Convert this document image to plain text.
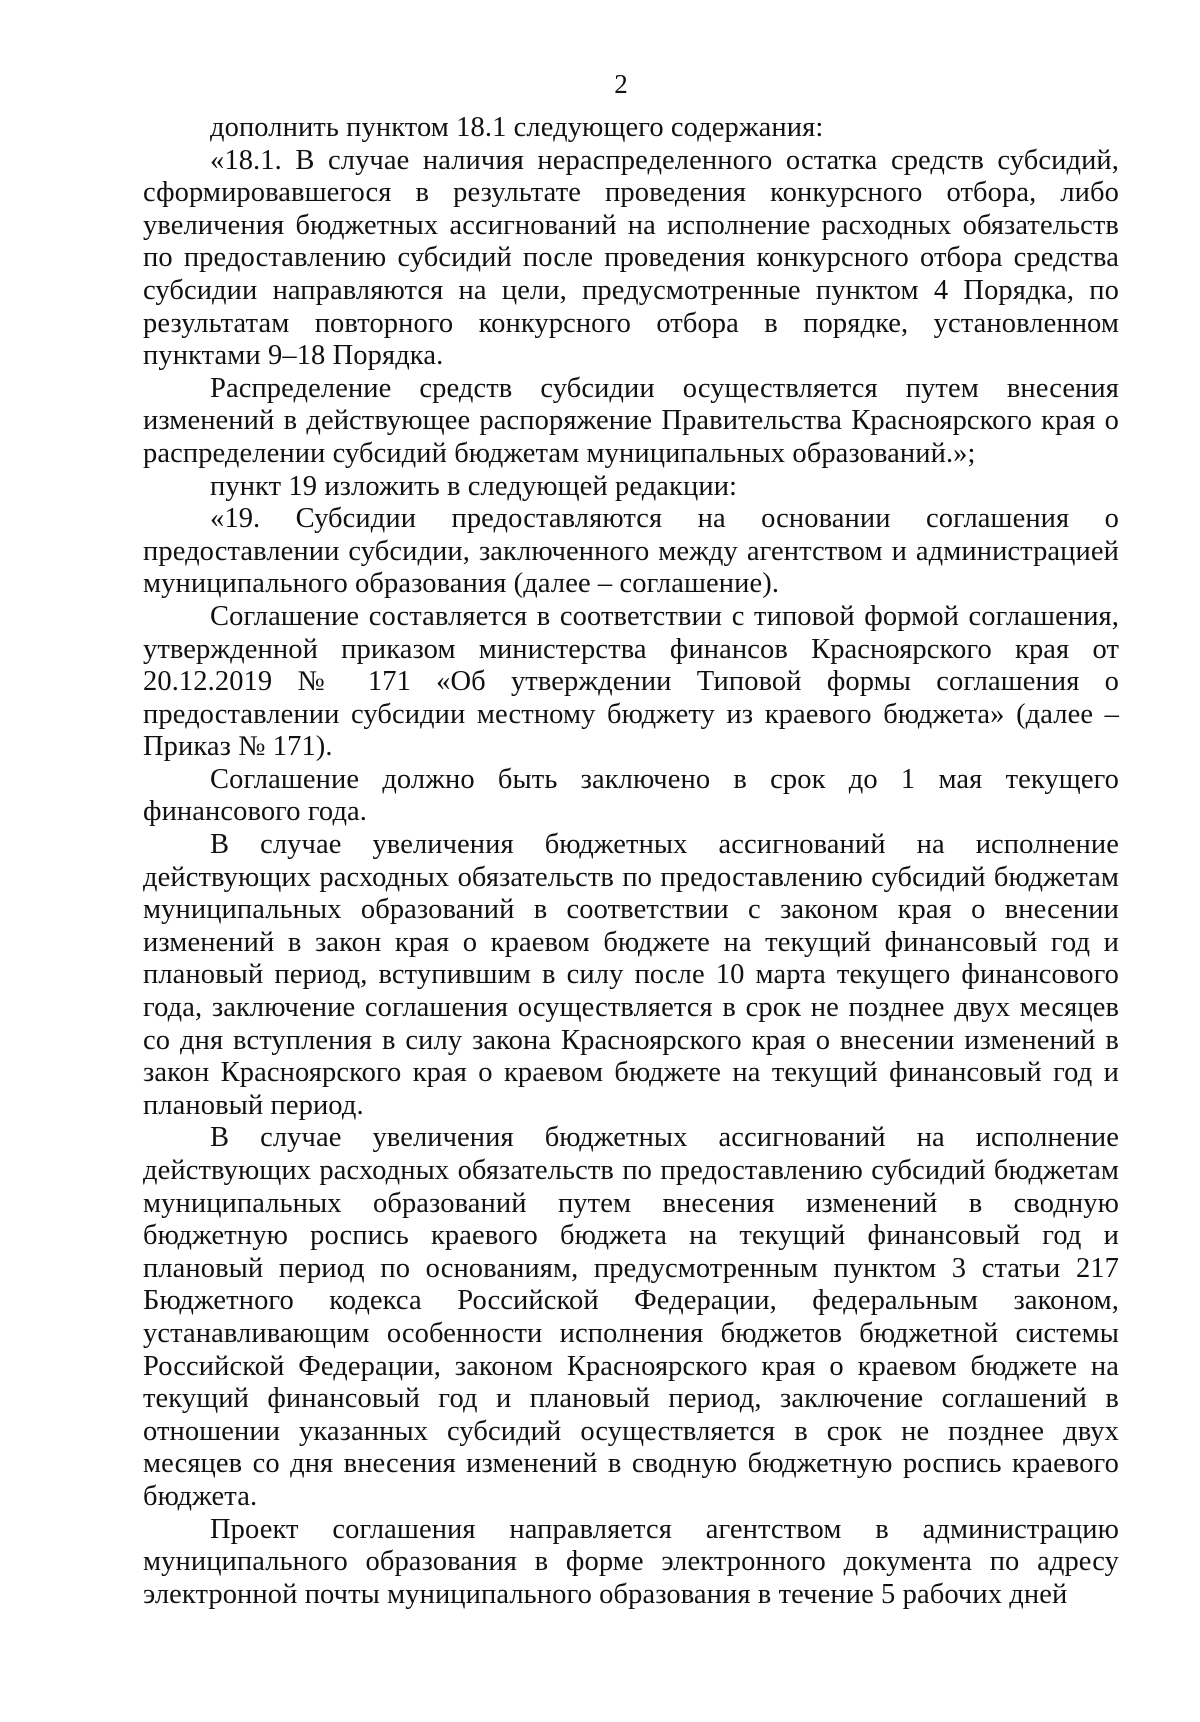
2

дополнить пунктом 18.1 следующего содержания:

«18.1. В случае наличия нераспределенного остатка средств субсидий, сформировавшегося в результате проведения конкурсного отбора, либо увеличения бюджетных ассигнований на исполнение расходных обязательств по предоставлению субсидий после проведения конкурсного отбора средства субсидии направляются на цели, предусмотренные пунктом 4 Порядка, по результатам повторного конкурсного отбора в порядке, установленном пунктами 9–18 Порядка.

Распределение средств субсидии осуществляется путем внесения изменений в действующее распоряжение Правительства Красноярского края о распределении субсидий бюджетам муниципальных образований.»;

пункт 19 изложить в следующей редакции:

«19. Субсидии предоставляются на основании соглашения о предоставлении субсидии, заключенного между агентством и администрацией муниципального образования (далее – соглашение).

Соглашение составляется в соответствии с типовой формой соглашения, утвержденной приказом министерства финансов Красноярского края от 20.12.2019 № 171 «Об утверждении Типовой формы соглашения о предоставлении субсидии местному бюджету из краевого бюджета» (далее – Приказ № 171).

Соглашение должно быть заключено в срок до 1 мая текущего финансового года.

В случае увеличения бюджетных ассигнований на исполнение действующих расходных обязательств по предоставлению субсидий бюджетам муниципальных образований в соответствии с законом края о внесении изменений в закон края о краевом бюджете на текущий финансовый год и плановый период, вступившим в силу после 10 марта текущего финансового года, заключение соглашения осуществляется в срок не позднее двух месяцев со дня вступления в силу закона Красноярского края о внесении изменений в закон Красноярского края о краевом бюджете на текущий финансовый год и плановый период.

В случае увеличения бюджетных ассигнований на исполнение действующих расходных обязательств по предоставлению субсидий бюджетам муниципальных образований путем внесения изменений в сводную бюджетную роспись краевого бюджета на текущий финансовый год и плановый период по основаниям, предусмотренным пунктом 3 статьи 217 Бюджетного кодекса Российской Федерации, федеральным законом, устанавливающим особенности исполнения бюджетов бюджетной системы Российской Федерации, законом Красноярского края о краевом бюджете на текущий финансовый год и плановый период, заключение соглашений в отношении указанных субсидий осуществляется в срок не позднее двух месяцев со дня внесения изменений в сводную бюджетную роспись краевого бюджета.

Проект соглашения направляется агентством в администрацию муниципального образования в форме электронного документа по адресу электронной почты муниципального образования в течение 5 рабочих дней
